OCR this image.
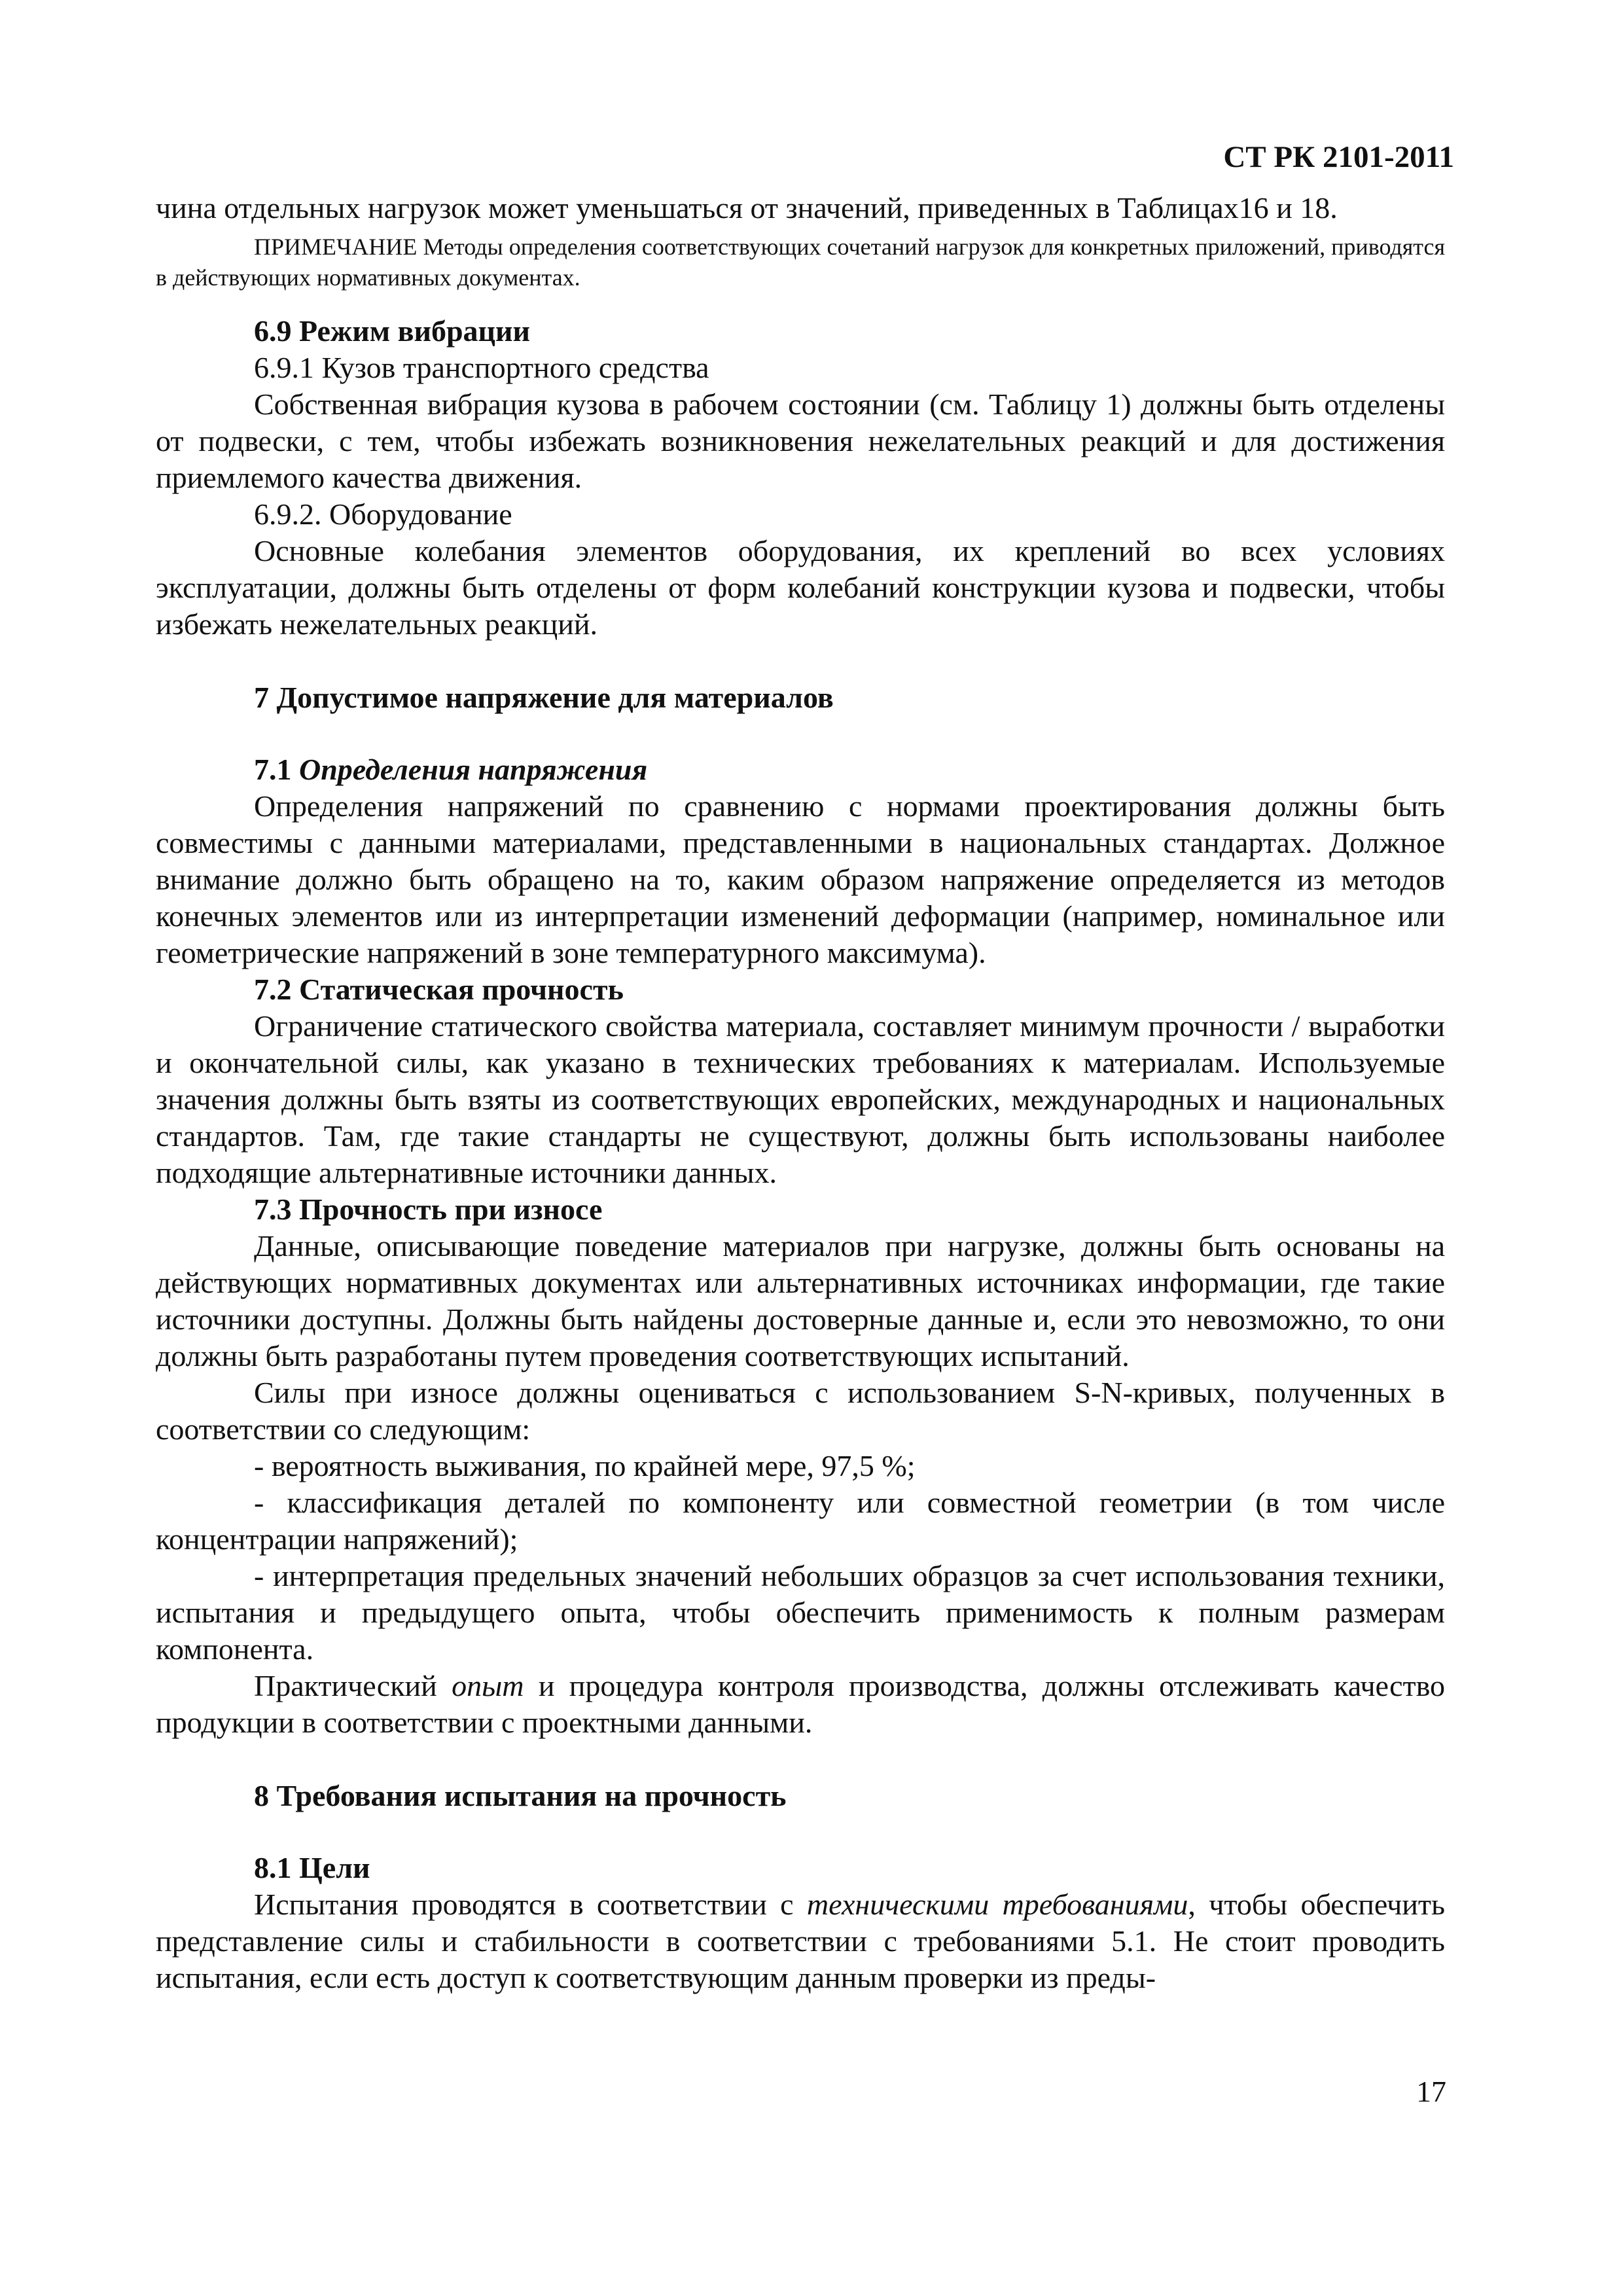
СТ РК 2101-2011

чина отдельных нагрузок может уменьшаться от значений, приведенных в Таблицах16 и 18.

ПРИМЕЧАНИЕ Методы определения соответствующих сочетаний нагрузок для конкретных приложений, приводятся в действующих нормативных документах.

6.9 Режим вибрации

6.9.1 Кузов транспортного средства

Собственная вибрация кузова в рабочем состоянии (см. Таблицу 1) должны быть отделены от подвески, с тем, чтобы избежать возникновения нежелательных реакций и для достижения приемлемого качества движения.

6.9.2. Оборудование

Основные колебания элементов оборудования, их креплений во всех условиях эксплуатации, должны быть отделены от форм колебаний конструкции кузова и подвески, чтобы избежать нежелательных реакций.

7 Допустимое напряжение для материалов
7.1 Определения напряжения

Определения напряжений по сравнению с нормами проектирования должны быть совместимы с данными материалами, представленными в национальных стандартах. Должное внимание должно быть обращено на то, каким образом напряжение определяется из методов конечных элементов или из интерпретации изменений деформации (например, номинальное или геометрические напряжений в зоне температурного максимума).

7.2 Статическая прочность

Ограничение статического свойства материала, составляет минимум прочности / выработки и окончательной силы, как указано в технических требованиях к материалам. Используемые значения должны быть взяты из соответствующих европейских, международных и национальных стандартов. Там, где такие стандарты не существуют, должны быть использованы наиболее подходящие альтернативные источники данных.

7.3 Прочность при износе

Данные, описывающие поведение материалов при нагрузке, должны быть основаны на действующих нормативных документах или альтернативных источниках информации, где такие источники доступны. Должны быть найдены достоверные данные и, если это невозможно, то они должны быть разработаны путем проведения соответствующих испытаний.

Силы при износе должны оцениваться с использованием S-N-кривых, полученных в соответствии со следующим:

- вероятность выживания, по крайней мере, 97,5 %;

- классификация деталей по компоненту или совместной геометрии (в том числе концентрации напряжений);

- интерпретация предельных значений небольших образцов за счет использования техники, испытания и предыдущего опыта, чтобы обеспечить применимость к полным размерам компонента.

Практический опыт и процедура контроля производства, должны отслеживать качество продукции в соответствии с проектными данными.

8 Требования испытания на прочность
8.1 Цели

Испытания проводятся в соответствии с техническими требованиями, чтобы обеспечить представление силы и стабильности в соответствии с требованиями 5.1. Не стоит проводить испытания, если есть доступ к соответствующим данным проверки из преды-

17
